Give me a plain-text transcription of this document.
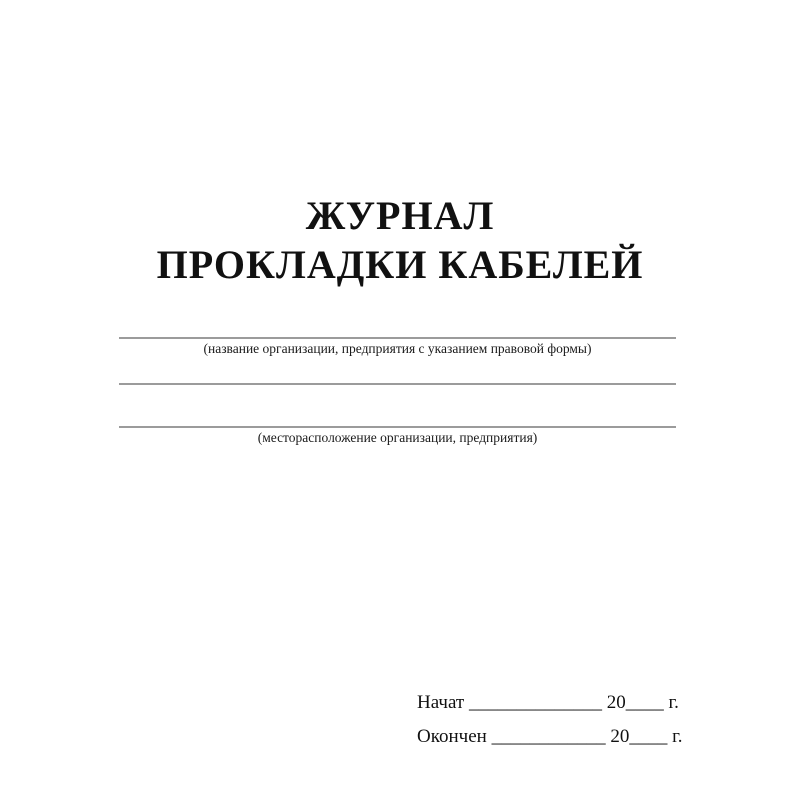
ЖУРНАЛ
ПРОКЛАДКИ КАБЕЛЕЙ
(название организации, предприятия с указанием правовой формы)
(месторасположение организации, предприятия)
Начат ______________ 20____ г.
Окончен ____________ 20____ г.
